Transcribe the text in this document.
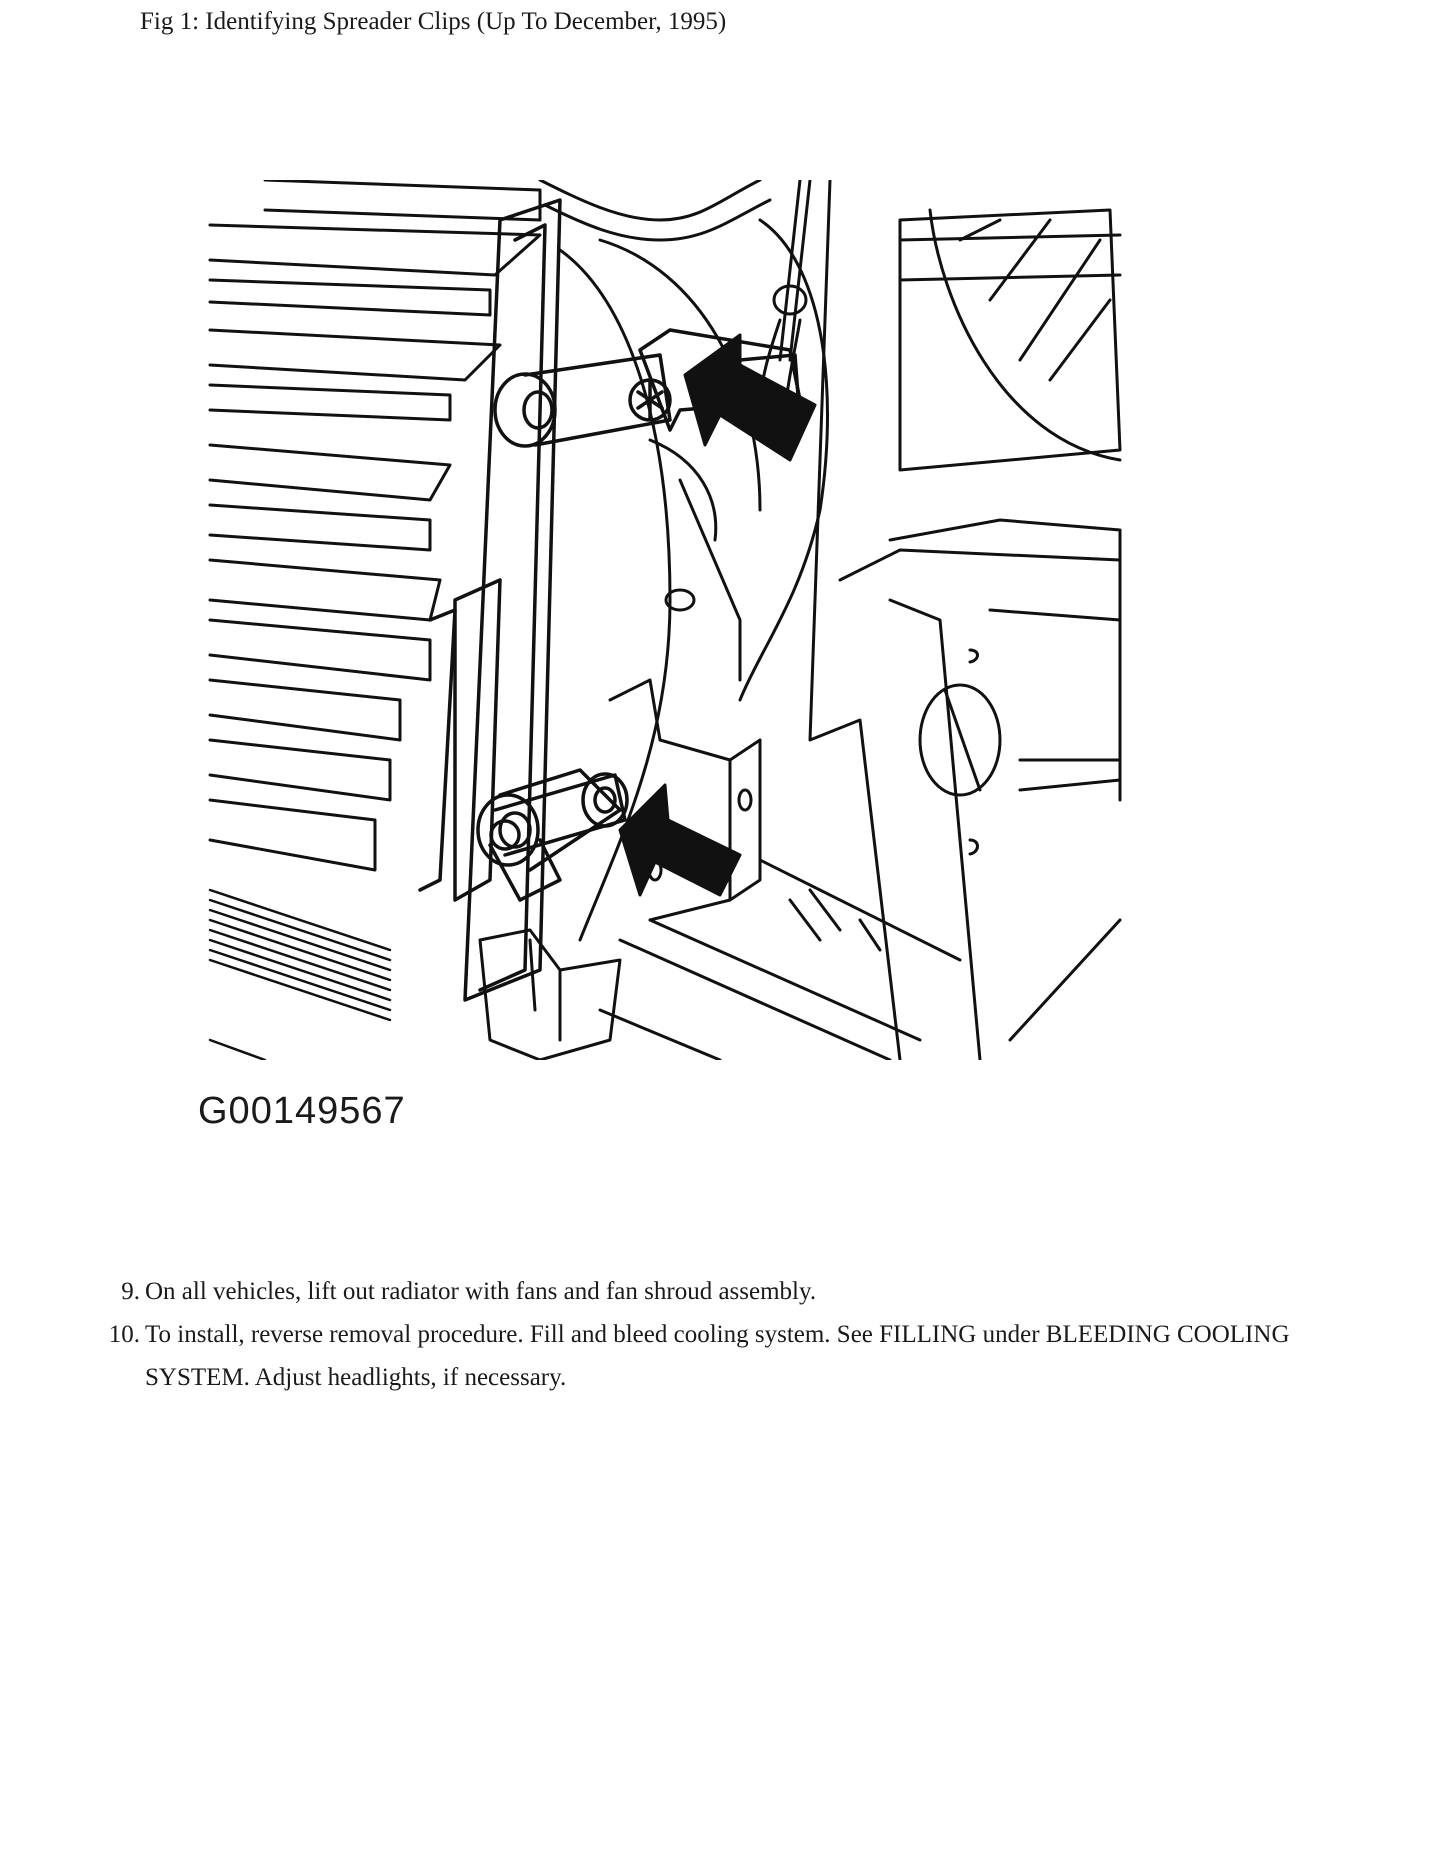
Fig 1: Identifying Spreader Clips (Up To December, 1995)
G00149567
9. On all vehicles, lift out radiator with fans and fan shroud assembly.
10. To install, reverse removal procedure. Fill and bleed cooling system. See FILLING under BLEEDING COOLING SYSTEM. Adjust headlights, if necessary.
